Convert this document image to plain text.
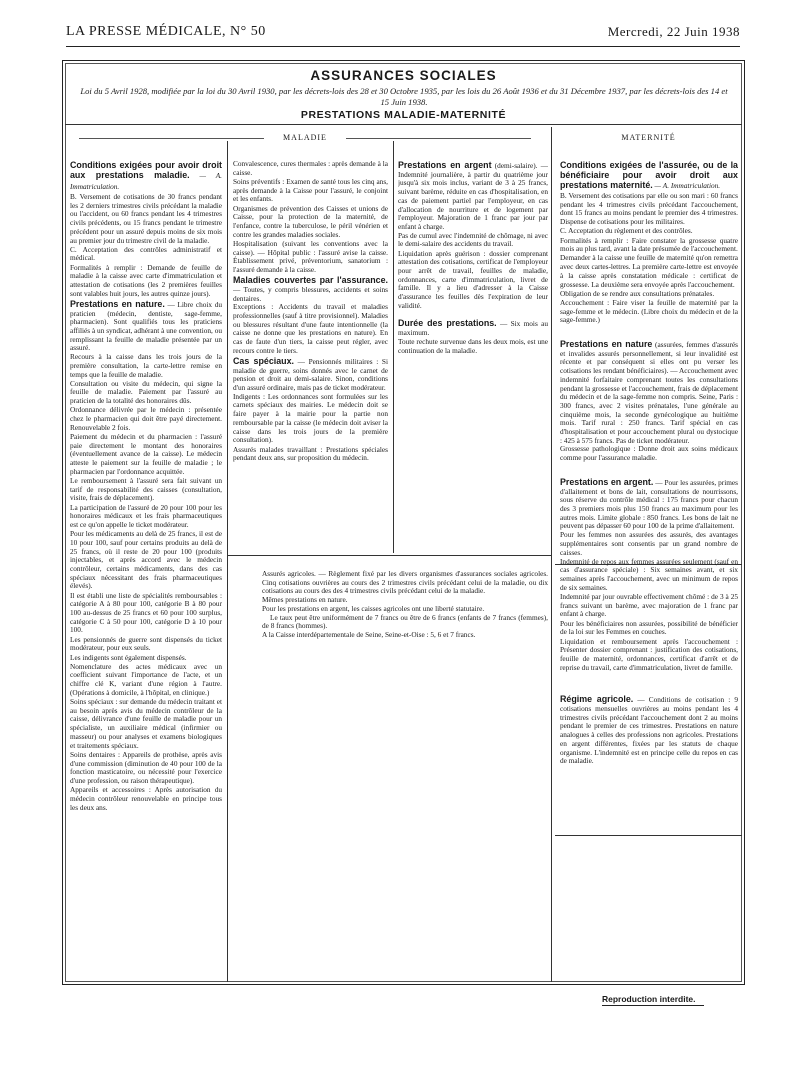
LA PRESSE MÉDICALE, N° 50	Mercredi, 22 Juin 1938
ASSURANCES SOCIALES
Loi du 5 Avril 1928, modifiée par la loi du 30 Avril 1930, par les décrets-lois des 28 et 30 Octobre 1935, par les lois du 26 Août 1936 et du 31 Décembre 1937, par les décrets-lois des 14 et 15 Juin 1938.
PRESTATIONS MALADIE-MATERNITÉ
MALADIE	MATERNITÉ
Conditions exigées pour avoir droit aux prestations maladie. — A. Immatriculation.
B. Versement de cotisations de 30 francs pendant les 2 derniers trimestres civils précédant la maladie ou l'accident, ou 60 francs pendant les 4 trimestres civils précédents, ou 15 francs pendant le trimestre précédent pour un assuré depuis moins de six mois au premier jour du trimestre civil de la maladie.
C. Acceptation des contrôles administratif et médical.
Formalités à remplir : Demande de feuille de maladie à la caisse avec carte d'immatriculation et attestation de cotisations (les 2 premières feuilles sont valables huit jours, les autres quinze jours).
Prestations en nature. — Libre choix du praticien (médecin, dentiste, sage-femme, pharmacien). Sont qualifiés tous les praticiens affiliés à un syndicat, adhérant à une convention, ou remplissant la feuille de maladie présentée par un assuré.
Recours à la caisse dans les trois jours de la première consultation, la carte-lettre remise en temps que la feuille de maladie.
Consultation ou visite du médecin, qui signe la feuille de maladie. Paiement par l'assuré au praticien de la totalité des honoraires dûs.
Ordonnance délivrée par le médecin : présentée chez le pharmacien qui doit être payé directement. Renouvelable 2 fois.
Paiement du médecin et du pharmacien : l'assuré paie directement le montant des honoraires (éventuellement avance de la caisse). Le médecin atteste le paiement sur la feuille de maladie ; le pharmacien par l'ordonnance acquittée.
Le remboursement à l'assuré sera fait suivant un tarif de responsabilité des caisses (consultation, visite, frais de déplacement).
La participation de l'assuré de 20 pour 100 pour les honoraires médicaux et les frais pharmaceutiques est ce qu'on appelle le ticket modérateur.
Pour les médicaments au delà de 25 francs, il est de 10 pour 100, sauf pour certains produits au delà de 25 francs, où il reste de 20 pour 100 (produits injectables, et après accord avec le médecin contrôleur, certains médicaments, dans des cas spéciaux nécessitant des frais pharmaceutiques élevés).
Il est établi une liste de spécialités remboursables : catégorie A à 80 pour 100, catégorie B à 80 pour 100 au-dessus de 25 francs et 60 pour 100 surplus, catégorie C à 50 pour 100, catégorie D à 10 pour 100.
Les pensionnés de guerre sont dispensés du ticket modérateur, pour eux seuls.
Les indigents sont également dispensés.
Nomenclature des actes médicaux avec un coefficient suivant l'importance de l'acte, et un chiffre clé K, variant d'une région à l'autre. (Opérations à domicile, à l'hôpital, en clinique.)
Soins spéciaux : sur demande du médecin traitant et au besoin après avis du médecin contrôleur de la caisse, délivrance d'une feuille de maladie pour un spécialiste, un auxiliaire médical (infirmier ou masseur) ou pour analyses et examens biologiques et traitements spéciaux.
Soins dentaires : Appareils de prothèse, après avis d'une commission (diminution de 40 pour 100 de la fonction masticatoire, ou nécessité pour l'exercice d'une profession, ou raison thérapeutique).
Appareils et accessoires : Après autorisation du médecin contrôleur renouvelable en principe tous les deux ans.
Convalescence, cures thermales : après demande à la caisse.
Soins préventifs : Examen de santé tous les cinq ans, après demande à la Caisse pour l'assuré, le conjoint et les enfants.
Organismes de prévention des Caisses et unions de Caisse, pour la protection de la maternité, de l'enfance, contre la tuberculose, le péril vénérien et contre les grandes maladies sociales.
Hospitalisation (suivant les conventions avec la caisse). — Hôpital public : l'assuré avise la caisse. Établissement privé, préventorium, sanatorium : l'assuré demande à la caisse.
Maladies couvertes par l'assurance. — Toutes, y compris blessures, accidents et soins dentaires.
Exceptions : Accidents du travail et maladies professionnelles (sauf à titre provisionnel). Maladies ou blessures résultant d'une faute intentionnelle (la caisse ne donne que les prestations en nature). En cas de faute d'un tiers, la caisse peut régler, avec recours contre le tiers.
Cas spéciaux. — Pensionnés militaires : Si maladie de guerre, soins donnés avec le carnet de pension et droit au demi-salaire. Sinon, conditions d'un assuré ordinaire, mais pas de ticket modérateur.
Indigents : Les ordonnances sont formulées sur les carnets spéciaux des mairies. Le médecin doit se faire payer à la mairie pour la partie non remboursable par la caisse (le médecin doit aviser la caisse dans les trois jours de la première consultation).
Assurés malades travaillant : Prestations spéciales pendant deux ans, sur proposition du médecin.
Prestations en argent (demi-salaire). — Indemnité journalière, à partir du quatrième jour jusqu'à six mois inclus, variant de 3 à 25 francs, suivant barème, réduite en cas d'hospitalisation, en cas de paiement partiel par l'employeur, en cas d'allocation de nourriture et de logement par l'employeur. Majoration de 1 franc par jour par enfant à charge.
Pas de cumul avec l'indemnité de chômage, ni avec le demi-salaire des accidents du travail.
Liquidation après guérison : dossier comprenant attestation des cotisations, certificat de l'employeur pour arrêt de travail, feuilles de maladie, ordonnances, carte d'immatriculation, livret de famille. Il y a lieu d'adresser à la Caisse d'assurance les feuilles dès l'expiration de leur validité.
Durée des prestations. — Six mois au maximum.
Toute rechute survenue dans les deux mois, est une continuation de la maladie.
Assurés agricoles. — Règlement fixé par les divers organismes d'assurances sociales agricoles. Cinq cotisations ouvrières au cours des 2 trimestres civils précédant celui de la maladie, ou dix cotisations au cours des des 4 trimestres civils précédant celui de la maladie.
Mêmes prestations en nature.
Pour les prestations en argent, les caisses agricoles ont une liberté statutaire.
Le taux peut être uniformément de 7 francs ou être de 6 francs (enfants de 7 francs (femmes), de 8 francs (hommes).
A la Caisse interdépartementale de Seine, Seine-et-Oise : 5, 6 et 7 francs.
Conditions exigées de l'assurée, ou de la bénéficiaire pour avoir droit aux prestations maternité. — A. Immatriculation.
B. Versement des cotisations par elle ou son mari : 60 francs pendant les 4 trimestres civils précédant l'accouchement, dont 15 francs au moins pendant le premier des 4 trimestres. Dispense de cotisations pour les militaires.
C. Acceptation du règlement et des contrôles.
Formalités à remplir : Faire constater la grossesse quatre mois au plus tard, avant la date présumée de l'accouchement.
Demander à la caisse une feuille de maternité qu'on remettra avec deux cartes-lettres. La première carte-lettre est envoyée à la caisse après constatation médicale : certificat de grossesse. La deuxième sera envoyée après l'accouchement.
Obligation de se rendre aux consultations prénatales.
Accouchement : Faire viser la feuille de maternité par la sage-femme et le médecin. (Libre choix du médecin et de la sage-femme.)
Prestations en nature (assurées, femmes d'assurés et invalides assurés personnellement, si leur invalidité est récente et par conséquent si elles ont pu verser les cotisations les rendant bénéficiaires). — Accouchement avec indemnité forfaitaire comprenant toutes les consultations pendant la grossesse et l'accouchement, frais de déplacement du médecin et de la sage-femme non compris. Seine, Paris : 300 francs, avec 2 visites prénatales, l'une générale au cinquième mois, la seconde gynécologique au huitième mois. Tarif rural : 250 francs. Tarif spécial en cas d'hospitalisation et pour accouchement plural ou dystocique : 425 à 575 francs. Pas de ticket modérateur.
Grossesse pathologique : Donne droit aux soins médicaux comme pour l'assurance maladie.
Prestations en argent. — Pour les assurées, primes d'allaitement et bons de lait, consultations de nourrissons, sous réserve du contrôle médical : 175 francs pour chacun des 3 premiers mois plus 150 francs au maximum pour les autres mois. Limite globale : 850 francs. Les bons de lait ne peuvent pas dépasser 60 pour 100 de la prime d'allaitement.
Pour les femmes non assurées des assurés, des avantages supplémentaires sont consentis par un grand nombre de caisses.
Indemnité de repos aux femmes assurées seulement (sauf en cas d'assurance spéciale) : Six semaines avant, et six semaines après l'accouchement, avec un minimum de repos de six semaines.
Indemnité par jour ouvrable effectivement chômé : de 3 à 25 francs suivant un barème, avec majoration de 1 franc par enfant à charge.
Pour les bénéficiaires non assurées, possibilité de bénéficier de la loi sur les Femmes en couches.
Liquidation et remboursement après l'accouchement : Présenter dossier comprenant : justification des cotisations, feuille de maternité, ordonnances, certificat d'arrêt et de reprise du travail, carte d'immatriculation, livret de famille.
Régime agricole. — Conditions de cotisation : 9 cotisations mensuelles ouvrières au moins pendant les 4 trimestres civils précédant l'accouchement dont 2 au moins pendant le premier de ces trimestres. Prestations en nature analogues à celles des professions non agricoles. Prestations en argent différentes, fixées par les statuts de chaque organisme. L'indemnité est en principe celle du repos en cas de maladie.
Reproduction interdite.
